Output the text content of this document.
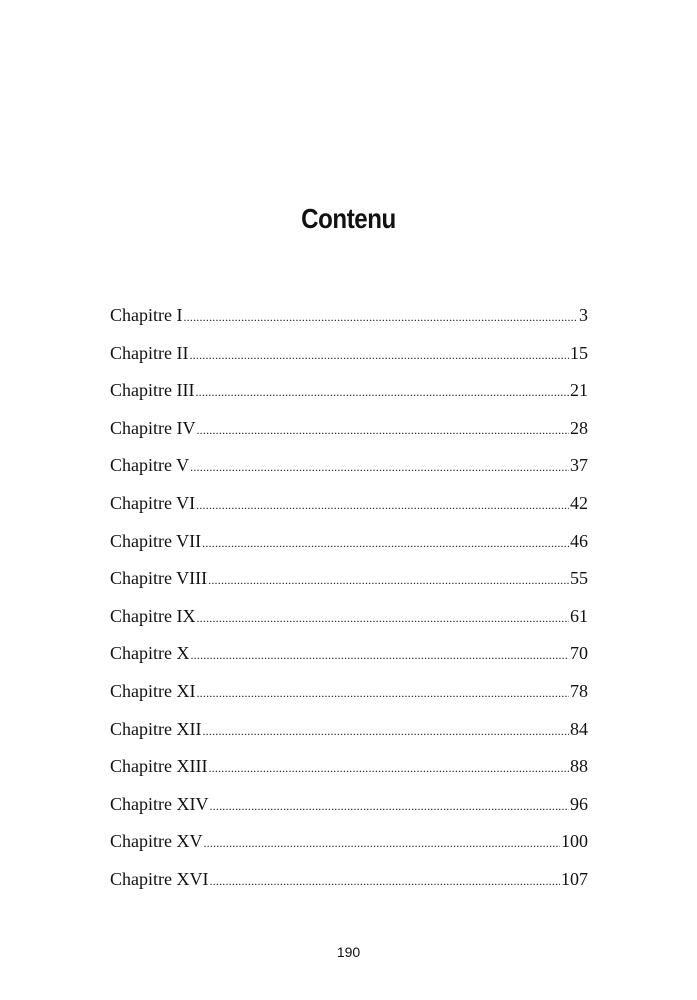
Contenu
Chapitre I .....	3
Chapitre II .....	15
Chapitre III .....	21
Chapitre IV .....	28
Chapitre V .....	37
Chapitre VI .....	42
Chapitre VII .....	46
Chapitre VIII .....	55
Chapitre IX .....	61
Chapitre X .....	70
Chapitre XI .....	78
Chapitre XII .....	84
Chapitre XIII .....	88
Chapitre XIV .....	96
Chapitre XV .....	100
Chapitre XVI .....	107
190
